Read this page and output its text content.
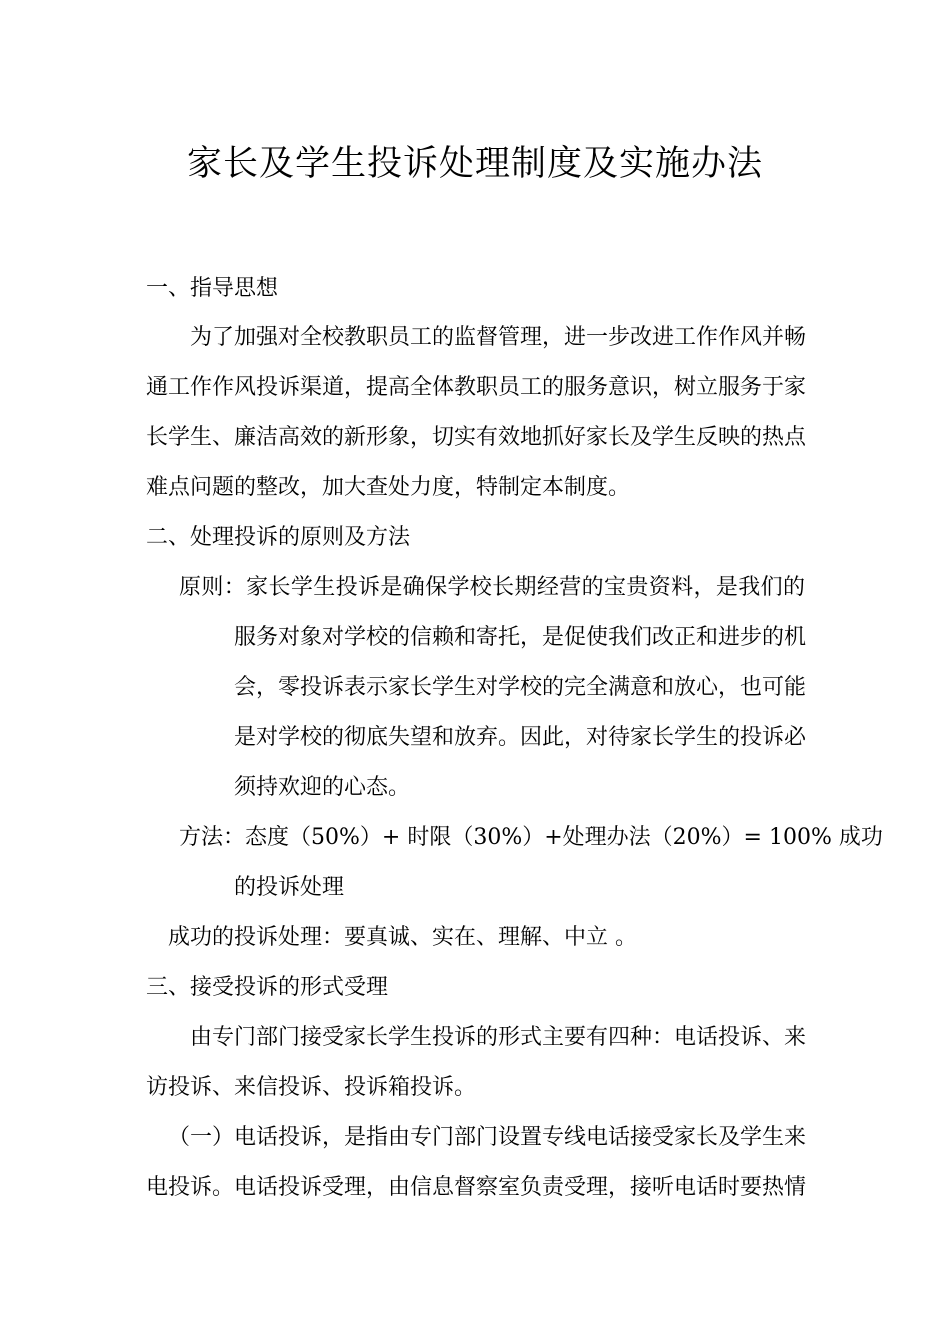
家长及学生投诉处理制度及实施办法
一、指导思想
为了加强对全校教职员工的监督管理，进一步改进工作作风并畅
通工作作风投诉渠道，提高全体教职员工的服务意识，树立服务于家
长学生、廉洁高效的新形象，切实有效地抓好家长及学生反映的热点
难点问题的整改，加大查处力度，特制定本制度。
二、处理投诉的原则及方法
原则：家长学生投诉是确保学校长期经营的宝贵资料，是我们的
服务对象对学校的信赖和寄托，是促使我们改正和进步的机
会，零投诉表示家长学生对学校的完全满意和放心，也可能
是对学校的彻底失望和放弃。因此，对待家长学生的投诉必
须持欢迎的心态。
方法：态度（50%）+ 时限（30%）+处理办法（20%）= 100% 成功
的投诉处理
成功的投诉处理：要真诚、实在、理解、中立 。
三、接受投诉的形式受理
由专门部门接受家长学生投诉的形式主要有四种：电话投诉、来
访投诉、来信投诉、投诉箱投诉。
（一）电话投诉，是指由专门部门设置专线电话接受家长及学生来
电投诉。电话投诉受理，由信息督察室负责受理，接听电话时要热情
